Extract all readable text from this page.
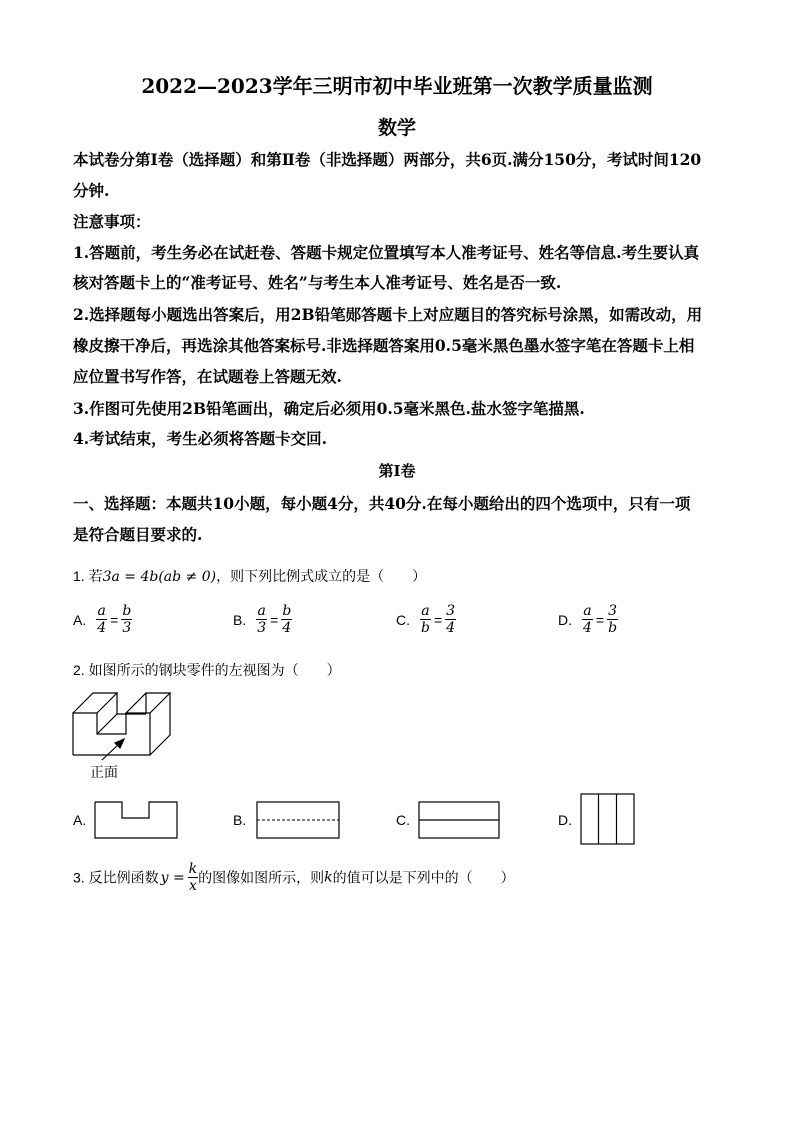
2022—2023学年三明市初中毕业班第一次教学质量监测
数学
本试卷分第Ⅰ卷（选择题）和第Ⅱ卷（非选择题）两部分，共6页.满分150分，考试时间120
分钟.
注意事项：
1.答题前，考生务必在试赶卷、答题卡规定位置填写本人准考证号、姓名等信息.考生要认真
核对答题卡上的“准考证号、姓名”与考生本人准考证号、姓名是否一致.
2.选择题每小题选出答案后，用2B铅笔郧答题卡上对应题目的答究标号涂黑，如需改动，用
橡皮擦干净后，再选涂其他答案标号.非选择题答案用0.5毫米黑色墨水签字笔在答题卡上相
应位置书写作答，在试题卷上答题无效.
3.作图可先使用2B铅笔画出，确定后必须用0.5毫米黑色.盐水签字笔描黑.
4.考试结束，考生必须将答题卡交回.
第Ⅰ卷
一、选择题：本题共10小题，每小题4分，共40分.在每小题给出的四个选项中，只有一项
是符合题目要求的.
1. 若3a = 4b(ab ≠ 0)，则下列比例式成立的是（　　）
A. $\frac{a}{4} = \frac{b}{3}$	B. $\frac{a}{3} = \frac{b}{4}$	C. $\frac{a}{b} = \frac{3}{4}$	D. $\frac{a}{4} = \frac{3}{b}$
2. 如图所示的钢块零件的左视图为（　　）
正面
A.	B.	C.	D.
3. 反比例函数 $y = \frac{k}{x}$ 的图像如图所示，则k的值可以是下列中的（　　）
